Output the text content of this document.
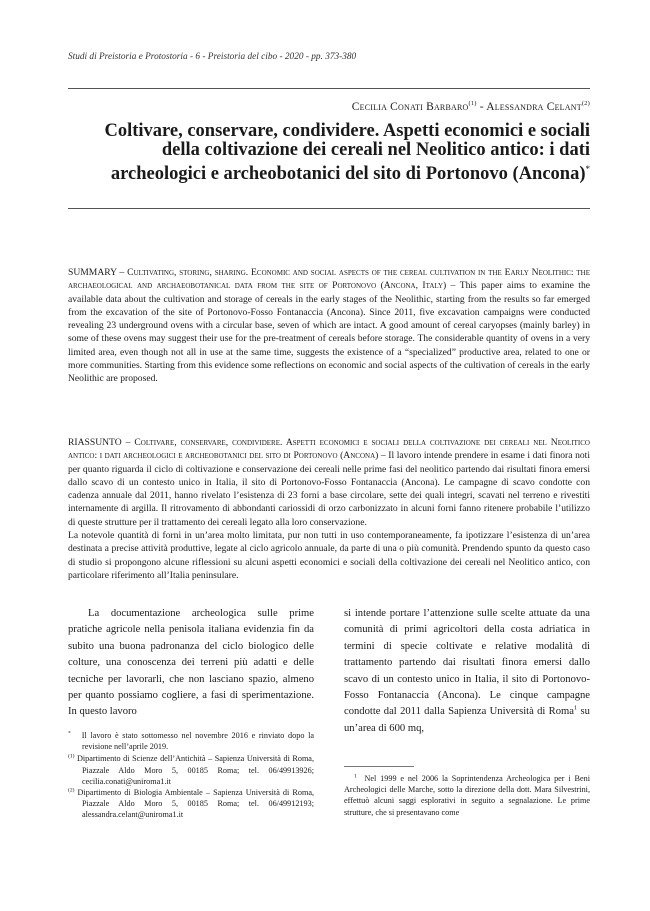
Studi di Preistoria e Protostoria - 6 - Preistoria del cibo - 2020 - pp. 373-380
Cecilia Conati Barbaro$^{(1)}$ - Alessandra Celant$^{(2)}$
Coltivare, conservare, condividere. Aspetti economici e sociali della coltivazione dei cereali nel Neolitico antico: i dati archeologici e archeobotanici del sito di Portonovo (Ancona)*
SUMMARY – Cultivating, storing, sharing. Economic and social aspects of the cereal cultivation in the Early Neolithic: the archaeological and archaeobotanical data from the site of Portonovo (Ancona, Italy) – This paper aims to examine the available data about the cultivation and storage of cereals in the early stages of the Neolithic, starting from the results so far emerged from the excavation of the site of Portonovo-Fosso Fontanaccia (Ancona). Since 2011, five excavation campaigns were conducted revealing 23 underground ovens with a circular base, seven of which are intact. A good amount of cereal caryopses (mainly barley) in some of these ovens may suggest their use for the pre-treatment of cereals before storage. The considerable quantity of ovens in a very limited area, even though not all in use at the same time, suggests the existence of a “specialized” productive area, related to one or more communities. Starting from this evidence some reflections on economic and social aspects of the cultivation of cereals in the early Neolithic are proposed.
RIASSUNTO – Coltivare, conservare, condividere. Aspetti economici e sociali della coltivazione dei cereali nel Neolitico antico: i dati archeologici e archeobotanici del sito di Portonovo (Ancona) – Il lavoro intende prendere in esame i dati finora noti per quanto riguarda il ciclo di coltivazione e conservazione dei cereali nelle prime fasi del neolitico partendo dai risultati finora emersi dallo scavo di un contesto unico in Italia, il sito di Portonovo-Fosso Fontanaccia (Ancona). Le campagne di scavo condotte con cadenza annuale dal 2011, hanno rivelato l’esistenza di 23 forni a base circolare, sette dei quali integri, scavati nel terreno e rivestiti internamente di argilla. Il ritrovamento di abbondanti cariossidi di orzo carbonizzato in alcuni forni fanno ritenere probabile l’utilizzo di queste strutture per il trattamento dei cereali legato alla loro conservazione.
La notevole quantità di forni in un’area molto limitata, pur non tutti in uso contemporaneamente, fa ipotizzare l’esistenza di un’area destinata a precise attività produttive, legate al ciclo agricolo annuale, da parte di una o più comunità. Prendendo spunto da questo caso di studio si propongono alcune riflessioni su alcuni aspetti economici e sociali della coltivazione dei cereali nel Neolitico antico, con particolare riferimento all’Italia peninsulare.
La documentazione archeologica sulle prime pratiche agricole nella penisola italiana evidenzia fin da subito una buona padronanza del ciclo biologico delle colture, una conoscenza dei terreni più adatti e delle tecniche per lavorarli, che non lasciano spazio, almeno per quanto possiamo cogliere, a fasi di sperimentazione. In questo lavoro
si intende portare l’attenzione sulle scelte attuate da una comunità di primi agricoltori della costa adriatica in termini di specie coltivate e relative modalità di trattamento partendo dai risultati finora emersi dallo scavo di un contesto unico in Italia, il sito di Portonovo-Fosso Fontanaccia (Ancona). Le cinque campagne condotte dal 2011 dalla Sapienza Università di Roma$^1$ su un’area di 600 mq,
* Il lavoro è stato sottomesso nel novembre 2016 e rinviato dopo la revisione nell’aprile 2019.
$^{(1)}$ Dipartimento di Scienze dell’Antichità – Sapienza Università di Roma, Piazzale Aldo Moro 5, 00185 Roma; tel. 06/49913926; cecilia.conati@uniroma1.it
$^{(2)}$ Dipartimento di Biologia Ambientale – Sapienza Università di Roma, Piazzale Aldo Moro 5, 00185 Roma; tel. 06/49912193; alessandra.celant@uniroma1.it
$^1$ Nel 1999 e nel 2006 la Soprintendenza Archeologica per i Beni Archeologici delle Marche, sotto la direzione della dott. Mara Silvestrini, effettuò alcuni saggi esplorativi in seguito a segnalazione. Le prime strutture, che si presentavano come
